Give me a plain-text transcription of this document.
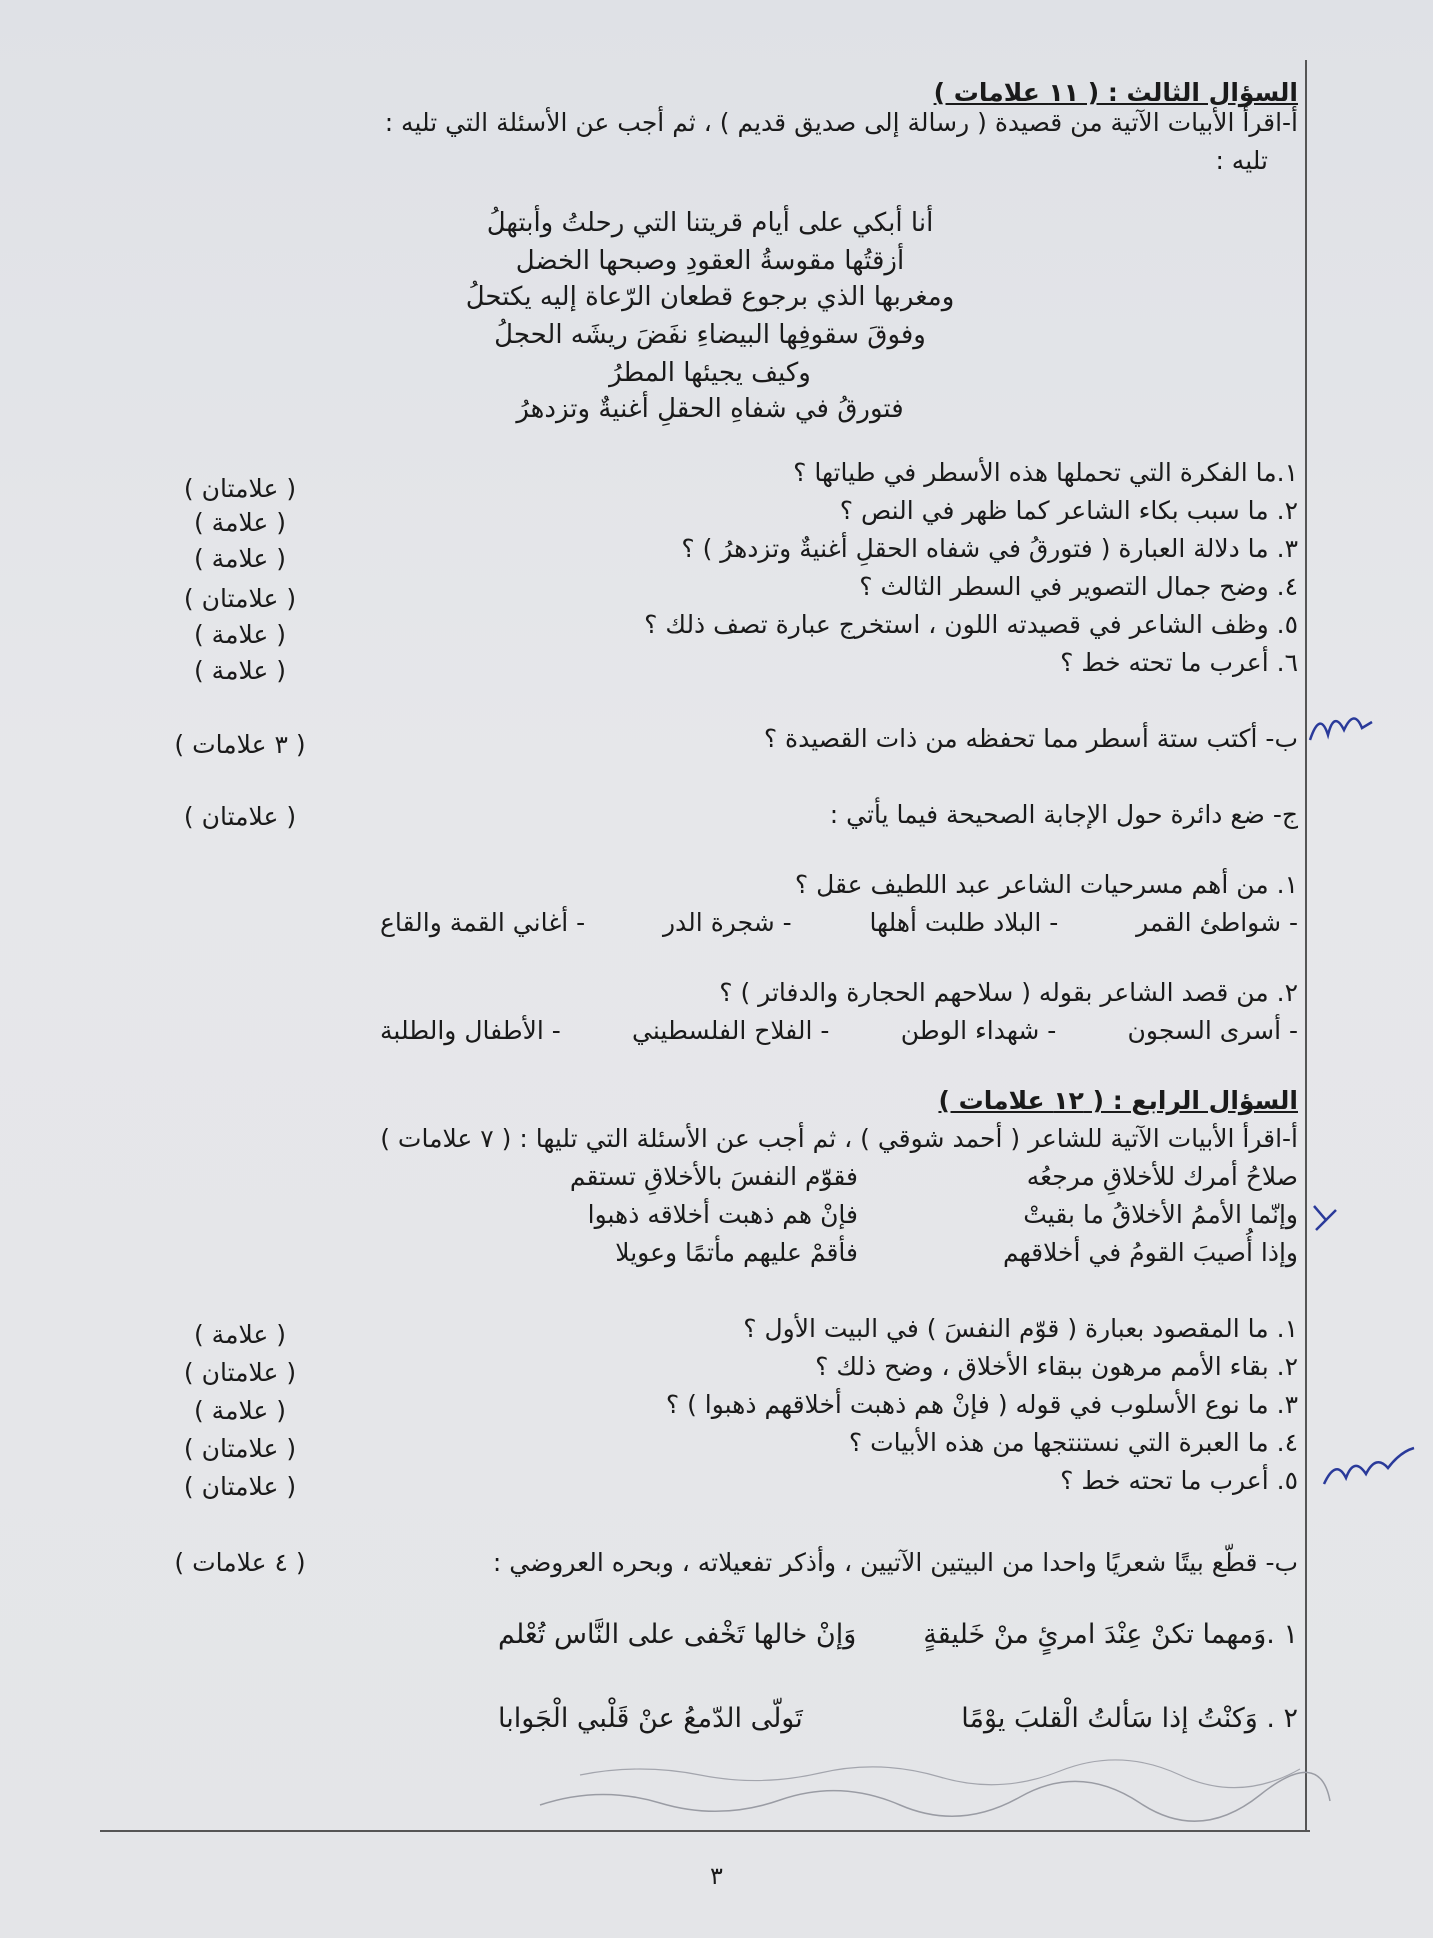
السؤال الثالث : ( ١١ علامات )
أ-اقرأ الأبيات الآتية من قصيدة ( رسالة إلى صديق قديم ) ، ثم أجب عن الأسئلة التي تليه :
تليه :
أنا أبكي على أيام قريتنا التي رحلتُ وأبتهلُ
أزقتُها مقوسةُ العقودِ وصبحها الخضل
ومغربها الذي برجوع قطعان الرّعاة إليه يكتحلُ
وفوقَ سقوفِها البيضاءِ نفَضَ ريشَه الحجلُ
وكيف يجيئها المطرُ
فتورقُ في شفاهِ الحقلِ أغنيةٌ وتزدهرُ
١.ما الفكرة التي تحملها هذه الأسطر في طياتها ؟
( علامتان )
٢. ما سبب بكاء الشاعر كما ظهر في النص ؟
( علامة )
٣. ما دلالة العبارة ( فتورقُ في شفاه الحقلِ أغنيةٌ وتزدهرُ ) ؟
( علامة )
٤. وضح جمال التصوير في السطر الثالث ؟
( علامتان )
٥. وظف الشاعر في قصيدته اللون ، استخرج عبارة تصف ذلك ؟
( علامة )
٦. أعرب ما تحته خط ؟
( علامة )
ب- أكتب ستة أسطر مما تحفظه من ذات القصيدة ؟
( ٣ علامات )
ج- ضع دائرة حول الإجابة الصحيحة فيما يأتي :
( علامتان )
١. من أهم مسرحيات الشاعر عبد اللطيف عقل ؟
- شواطئ القمر
- البلاد طلبت أهلها
- شجرة الدر
- أغاني القمة والقاع
٢. من قصد الشاعر بقوله ( سلاحهم الحجارة والدفاتر ) ؟
- أسرى السجون
- شهداء الوطن
- الفلاح الفلسطيني
- الأطفال والطلبة
السؤال الرابع : ( ١٢ علامات )
أ-اقرأ الأبيات الآتية للشاعر ( أحمد شوقي ) ، ثم أجب عن الأسئلة التي تليها : ( ٧ علامات )
صلاحُ أمرك للأخلاقِ مرجعُه
فقوّم النفسَ بالأخلاقِ تستقم
وإنّما الأممُ الأخلاقُ ما بقيتْ
فإنْ هم ذهبت أخلاقه ذهبوا
وإذا أُصيبَ القومُ في أخلاقهم
فأقمْ عليهم مأتمًا وعويلا
١. ما المقصود بعبارة ( قوّم النفسَ ) في البيت الأول ؟
( علامة )
٢. بقاء الأمم مرهون ببقاء الأخلاق ، وضح ذلك ؟
( علامتان )
٣. ما نوع الأسلوب في قوله ( فإنْ هم ذهبت أخلاقهم ذهبوا ) ؟
( علامة )
٤. ما العبرة التي نستنتجها من هذه الأبيات ؟
( علامتان )
٥. أعرب ما تحته خط ؟
( علامتان )
ب- قطّع بيتًا شعريًا واحدا من البيتين الآتيين ، وأذكر تفعيلاته ، وبحره العروضي :
( ٤ علامات )
١ .وَمهما تكنْ عِنْدَ امرئٍ منْ خَليقةٍ
وَإنْ خالها تَخْفى على النَّاس تُعْلم
٢ . وَكنْتُ إذا سَألتُ الْقلبَ يوْمًا
تَولّى الدّمعُ عنْ قَلْبي الْجَوابا
٣
